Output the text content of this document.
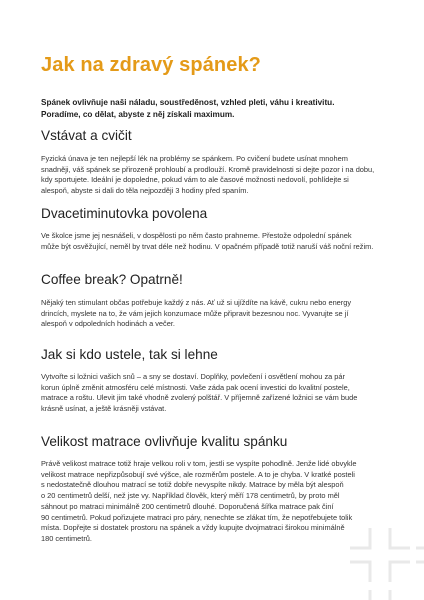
Jak na zdravý spánek?

Spánek ovlivňuje naši náladu, soustředěnost, vzhled pleti, váhu i kreativitu.
Poradíme, co dělat, abyste z něj získali maximum.

Vstávat a cvičit

Fyzická únava je ten nejlepší lék na problémy se spánkem. Po cvičení budete usínat mnohem
snadněji, váš spánek se přirozeně prohloubí a prodlouží. Kromě pravidelnosti si dejte pozor i na dobu,
kdy sportujete. Ideální je dopoledne, pokud vám to ale časové možnosti nedovolí, pohlídejte si
alespoň, abyste si dali do těla nejpozději 3 hodiny před spaním.

Dvacetiminutovka povolena

Ve školce jsme jej nesnášeli, v dospělosti po něm často prahneme. Přestože odpolední spánek
může být osvěžující, neměl by trvat déle než hodinu. V opačném případě totiž naruší váš noční režim.

Coffee break? Opatrně!

Nějaký ten stimulant občas potřebuje každý z nás. Ať už si ujíždíte na kávě, cukru nebo energy
drincích, myslete na to, že vám jejich konzumace může připravit bezesnou noc. Vyvarujte se jí
alespoň v odpoledních hodinách a večer.

Jak si kdo ustele, tak si lehne

Vytvořte si ložnici vašich snů – a sny se dostaví. Doplňky, povlečení i osvětlení mohou za pár
korun úplně změnit atmosféru celé místnosti. Vaše záda pak ocení investici do kvalitní postele,
matrace a roštu. Ulevit jim také vhodně zvolený polštář. V příjemně zařízené ložnici se vám bude
krásně usínat, a ještě krásněji vstávat.

Velikost matrace ovlivňuje kvalitu spánku

Právě velikost matrace totiž hraje velkou roli v tom, jestli se vyspíte pohodlně. Jenže lidé obvykle
velikost matrace nepřizpůsobují své výšce, ale rozměrům postele. A to je chyba. V kratké posteli
s nedostatečně dlouhou matrací se totiž dobře nevyspíte nikdy. Matrace by měla být alespoň
o 20 centimetrů delší, než jste vy. Například člověk, který měří 178 centimetrů, by proto měl
sáhnout po matraci minimálně 200 centimetrů dlouhé. Doporučená šířka matrace pak činí
90 centimetrů. Pokud pořizujete matraci pro páry, nenechte se zlákat tím, že nepotřebujete tolik
místa. Dopřejte si dostatek prostoru na spánek a vždy kupujte dvojmatraci širokou minimálně
180 centimetrů.
